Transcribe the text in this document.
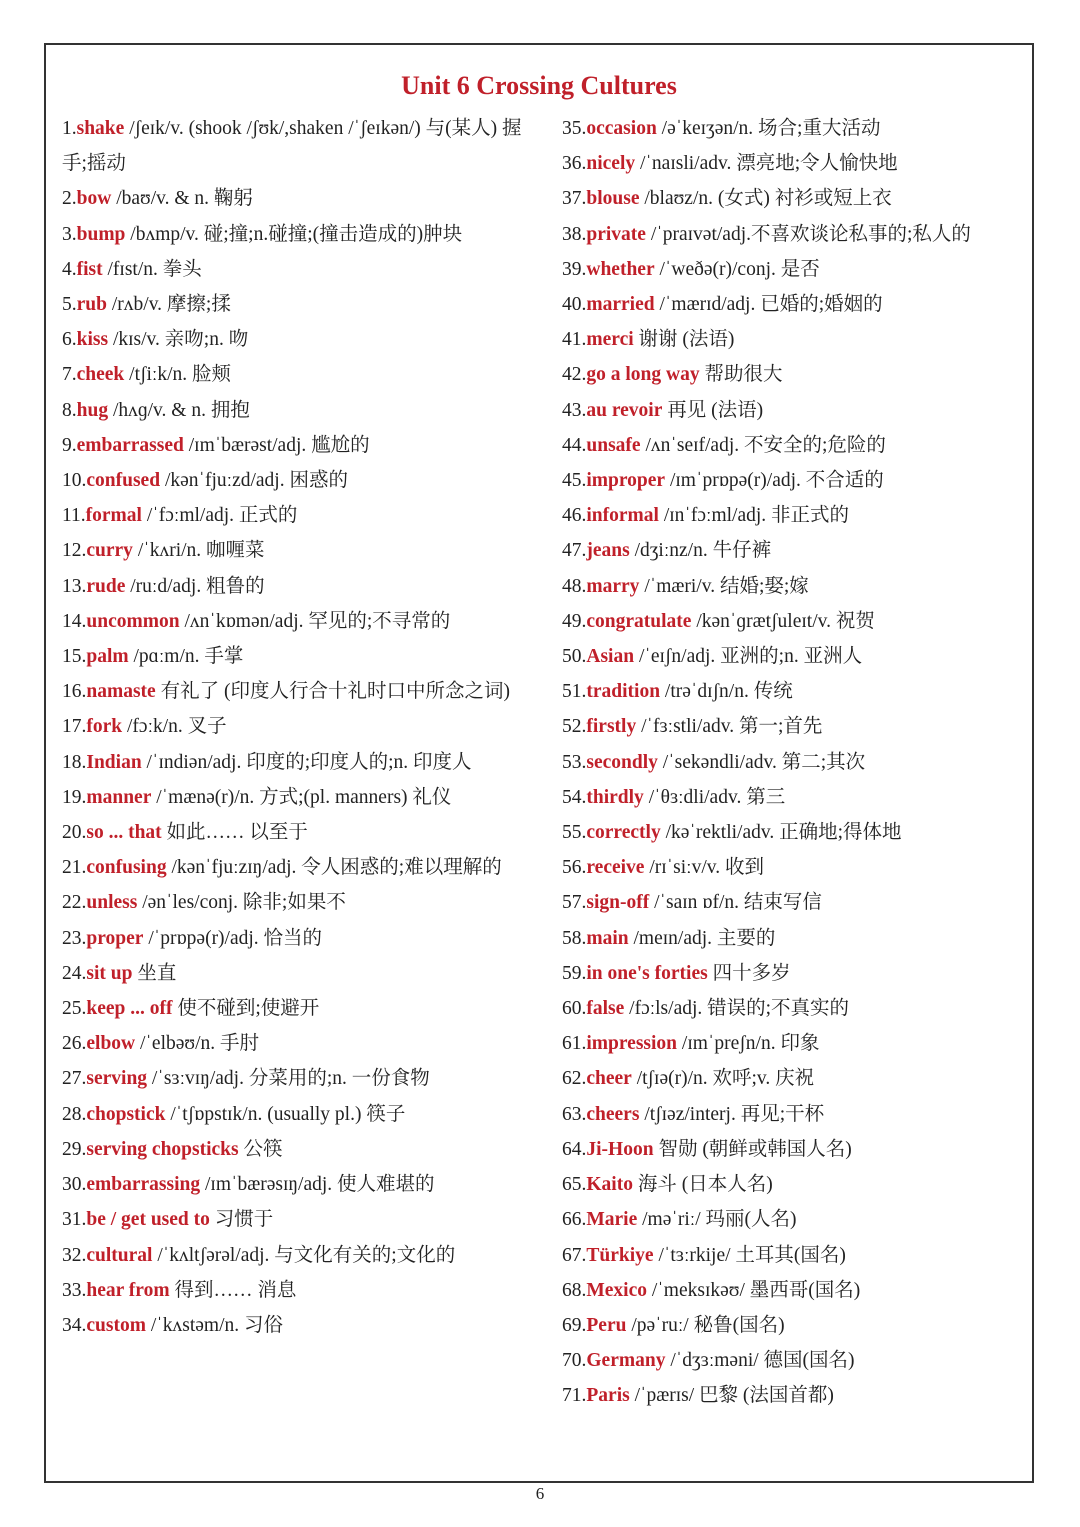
Unit 6 Crossing Cultures
1.shake /ʃeɪk/v. (shook /ʃʊk/,shaken /ˈʃeɪkən/) 与(某人) 握手;摇动
2.bow /baʊ/v. & n. 鞠躬
3.bump /bʌmp/v. 碰;撞;n.碰撞;(撞击造成的)肿块
4.fist /fɪst/n. 拳头
5.rub /rʌb/v. 摩擦;揉
6.kiss /kɪs/v. 亲吻;n. 吻
7.cheek /tʃiːk/n. 脸颊
8.hug /hʌɡ/v. & n. 拥抱
9.embarrassed /ɪmˈbærəst/adj. 尴尬的
10.confused /kənˈfjuːzd/adj. 困惑的
11.formal /ˈfɔːml/adj. 正式的
12.curry /ˈkʌri/n. 咖喱菜
13.rude /ruːd/adj. 粗鲁的
14.uncommon /ʌnˈkɒmən/adj. 罕见的;不寻常的
15.palm /pɑːm/n. 手掌
16.namaste 有礼了 (印度人行合十礼时口中所念之词)
17.fork /fɔːk/n. 叉子
18.Indian /ˈɪndiən/adj. 印度的;印度人的;n. 印度人
19.manner /ˈmænə(r)/n. 方式;(pl. manners) 礼仪
20.so ... that 如此…… 以至于
21.confusing /kənˈfjuːzɪŋ/adj. 令人困惑的;难以理解的
22.unless /ənˈles/conj. 除非;如果不
23.proper /ˈprɒpə(r)/adj. 恰当的
24.sit up 坐直
25.keep ... off 使不碰到;使避开
26.elbow /ˈelbəʊ/n. 手肘
27.serving /ˈsɜːvɪŋ/adj. 分菜用的;n. 一份食物
28.chopstick /ˈtʃɒpstɪk/n. (usually pl.) 筷子
29.serving chopsticks 公筷
30.embarrassing /ɪmˈbærəsɪŋ/adj. 使人难堪的
31.be / get used to 习惯于
32.cultural /ˈkʌltʃərəl/adj. 与文化有关的;文化的
33.hear from 得到…… 消息
34.custom /ˈkʌstəm/n. 习俗
35.occasion /əˈkeɪʒən/n. 场合;重大活动
36.nicely /ˈnaɪsli/adv. 漂亮地;令人愉快地
37.blouse /blaʊz/n. (女式) 衬衫或短上衣
38.private /ˈpraɪvət/adj.不喜欢谈论私事的;私人的
39.whether /ˈweðə(r)/conj. 是否
40.married /ˈmærɪd/adj. 已婚的;婚姻的
41.merci 谢谢 (法语)
42.go a long way 帮助很大
43.au revoir 再见 (法语)
44.unsafe /ʌnˈseɪf/adj. 不安全的;危险的
45.improper /ɪmˈprɒpə(r)/adj. 不合适的
46.informal /ɪnˈfɔːml/adj. 非正式的
47.jeans /dʒiːnz/n. 牛仔裤
48.marry /ˈmæri/v. 结婚;娶;嫁
49.congratulate /kənˈɡrætʃuleɪt/v. 祝贺
50.Asian /ˈeɪʃn/adj. 亚洲的;n. 亚洲人
51.tradition /trəˈdɪʃn/n. 传统
52.firstly /ˈfɜːstli/adv. 第一;首先
53.secondly /ˈsekəndli/adv. 第二;其次
54.thirdly /ˈθɜːdli/adv. 第三
55.correctly /kəˈrektli/adv. 正确地;得体地
56.receive /rɪˈsiːv/v. 收到
57.sign-off /ˈsaɪn ɒf/n. 结束写信
58.main /meɪn/adj. 主要的
59.in one's forties 四十多岁
60.false /fɔːls/adj. 错误的;不真实的
61.impression /ɪmˈpreʃn/n. 印象
62.cheer /tʃɪə(r)/n. 欢呼;v. 庆祝
63.cheers /tʃɪəz/interj. 再见;干杯
64.Ji-Hoon 智勋 (朝鲜或韩国人名)
65.Kaito 海斗 (日本人名)
66.Marie /məˈriː/ 玛丽(人名)
67.Türkiye /ˈtɜːrkije/ 土耳其(国名)
68.Mexico /ˈmeksɪkəʊ/ 墨西哥(国名)
69.Peru /pəˈruː/ 秘鲁(国名)
70.Germany /ˈdʒɜːməni/ 德国(国名)
71.Paris /ˈpærɪs/ 巴黎 (法国首都)
6
